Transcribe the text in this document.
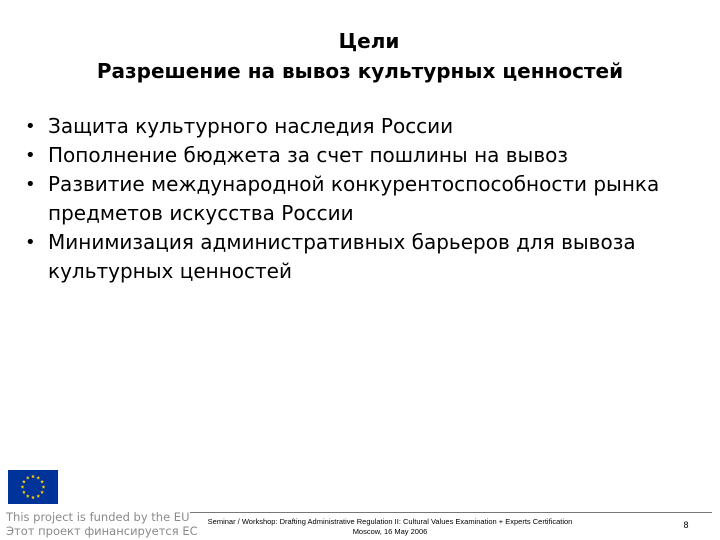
Цели
Разрешение на вывоз культурных ценностей
• Защита культурного наследия России
• Пополнение бюджета за счет пошлины на вывоз
• Развитие международной конкурентоспособности рынка
предметов искусства России
• Минимизация административных барьеров для вывоза
культурных ценностей
This project is funded by the EU
Этот проект финансируется ЕС
Seminar / Workshop: Drafting Administrative Regulation II: Cultural Values Examination + Experts Certification
Moscow, 16 May 2006
8
